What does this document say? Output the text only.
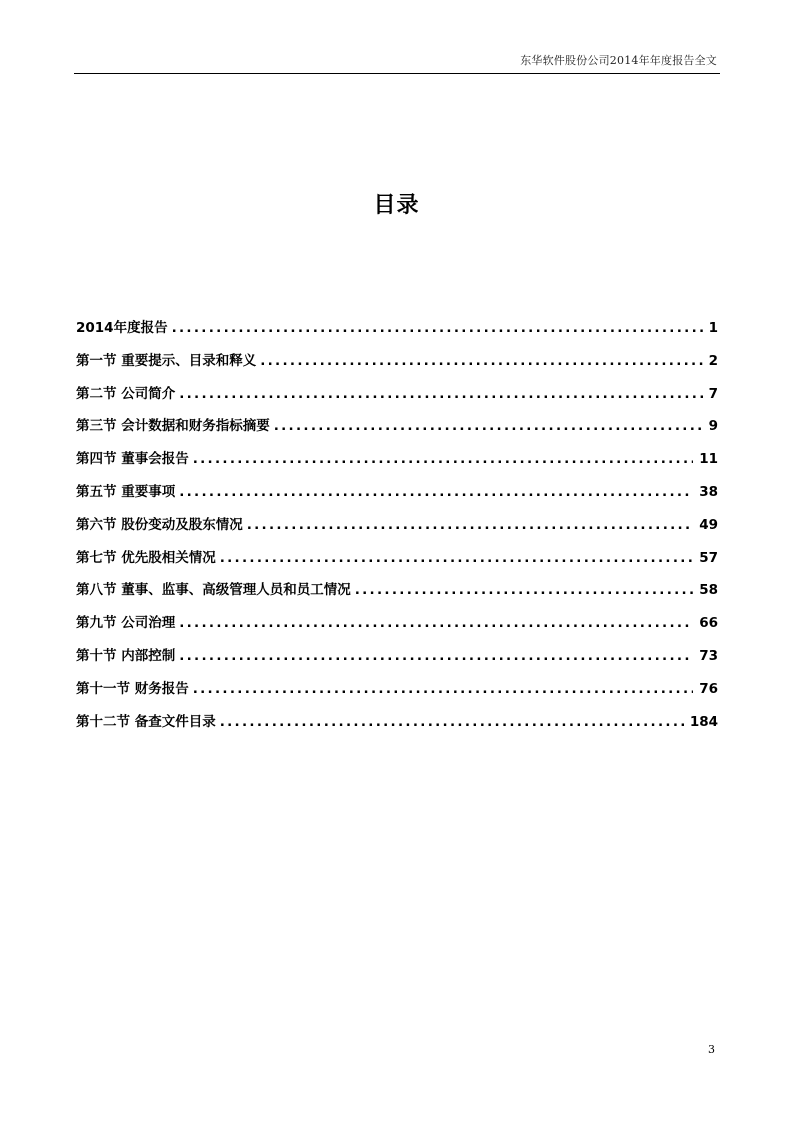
东华软件股份公司2014年年度报告全文
目录
2014年度报告 . . .	1
第一节 重要提示、目录和释义 . . .	2
第二节 公司简介 . . .	7
第三节 会计数据和财务指标摘要 . . .	9
第四节 董事会报告 . . .	11
第五节 重要事项 . . .	38
第六节 股份变动及股东情况 . . .	49
第七节 优先股相关情况 . . .	57
第八节 董事、监事、高级管理人员和员工情况 . . .	58
第九节 公司治理 . . .	66
第十节 内部控制 . . .	73
第十一节 财务报告 . . .	76
第十二节 备查文件目录 . . .	184
3
